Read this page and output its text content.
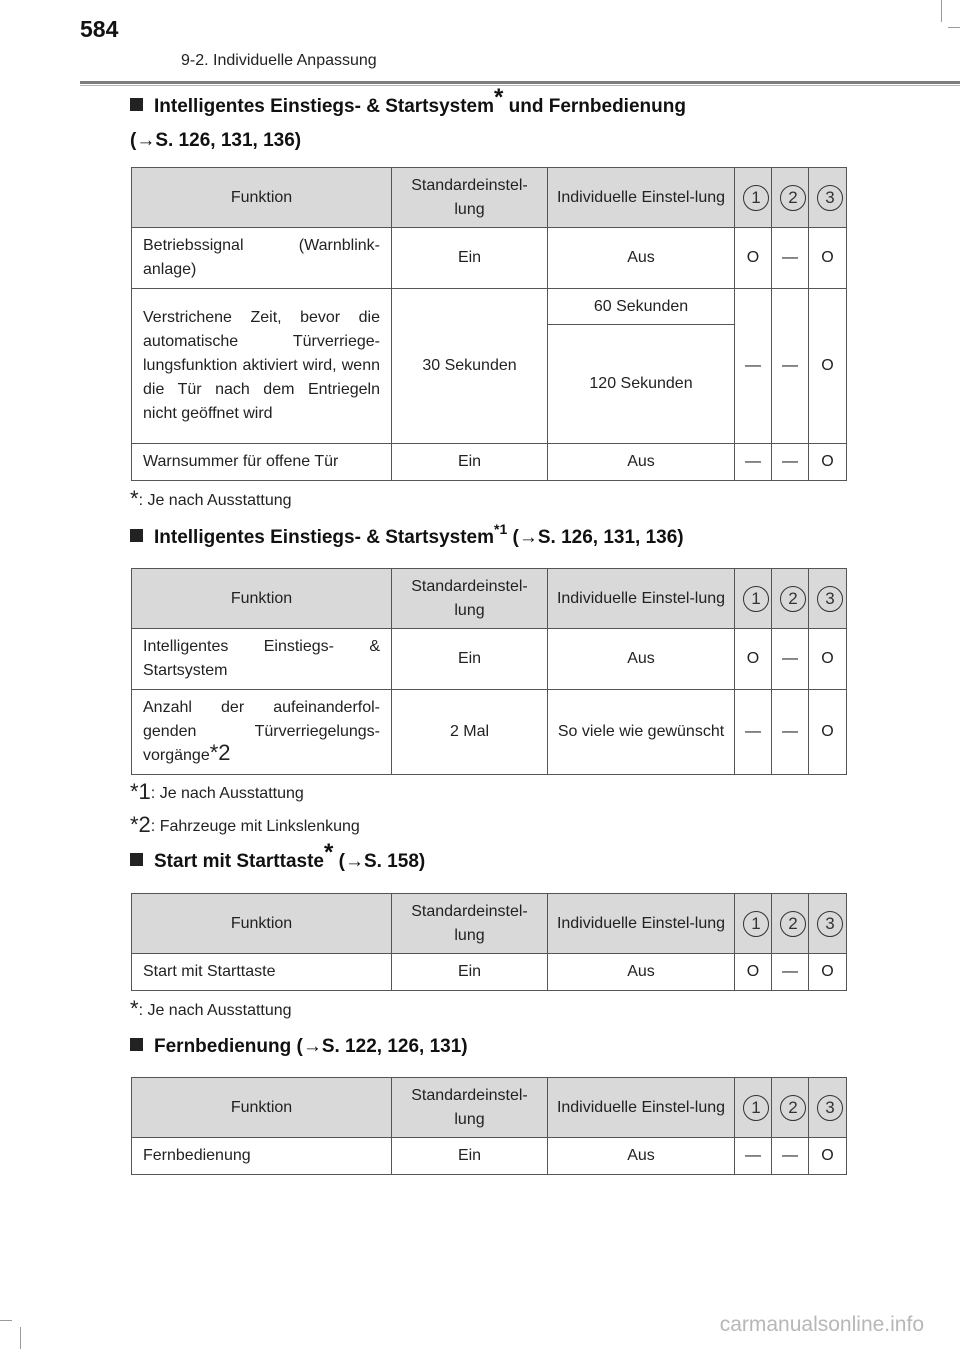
584
9-2. Individuelle Anpassung
Intelligentes Einstiegs- & Startsystem* und Fernbedienung
(→S. 126, 131, 136)
Funktion	Standardeinstel-lung	Individuelle Einstel-lung	1	2	3
Betriebssignal (Warnblink-anlage)	Ein	Aus	O	—	O
Verstrichene Zeit, bevor die automatische Türverriege-lungsfunktion aktiviert wird, wenn die Tür nach dem Entriegeln nicht geöffnet wird	30 Sekunden	60 Sekunden	—	—	O
		120 Sekunden			
Warnsummer für offene Tür	Ein	Aus	—	—	O
*: Je nach Ausstattung
Intelligentes Einstiegs- & Startsystem$^{*1}$ (→S. 126, 131, 136)
Funktion	Standardeinstel-lung	Individuelle Einstel-lung	1	2	3
Intelligentes Einstiegs- & Startsystem	Ein	Aus	O	—	O
Anzahl der aufeinanderfol-genden Türverriegelungs-vorgänge*2	2 Mal	So viele wie gewünscht	—	—	O
*1: Je nach Ausstattung
*2: Fahrzeuge mit Linkslenkung
Start mit Starttaste* (→S. 158)
Funktion	Standardeinstel-lung	Individuelle Einstel-lung	1	2	3
Start mit Starttaste	Ein	Aus	O	—	O
*: Je nach Ausstattung
Fernbedienung (→S. 122, 126, 131)
Funktion	Standardeinstel-lung	Individuelle Einstel-lung	1	2	3
Fernbedienung	Ein	Aus	—	—	O
carmanualsonline.info
